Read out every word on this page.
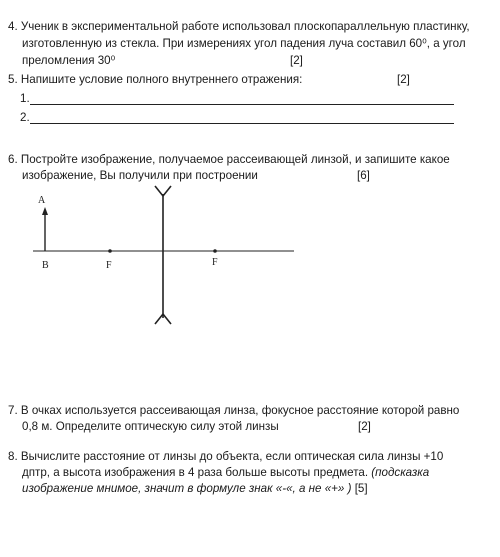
4. Ученик в экспериментальной работе использовал плоскопараллельную пластинку,
изготовленную из стекла. При измерениях угол падения луча составил 60⁰, а угол
преломления 30⁰	[2]
5. Напишите условие полного внутреннего отражения:	[2]
1.
2.
6. Постройте изображение, получаемое рассеивающей линзой, и запишите какое
изображение, Вы получили при построении	[6]
A
B	F	F
7. В очках используется рассеивающая линза, фокусное расстояние которой равно
0,8 м. Определите оптическую силу этой линзы	[2]
8. Вычислите расстояние от линзы до объекта, если оптическая сила линзы +10
дптр, а высота изображения в 4 раза больше высоты предмета. (подсказка
изображение мнимое, значит в формуле знак «-«, а не «+» ) [5]
